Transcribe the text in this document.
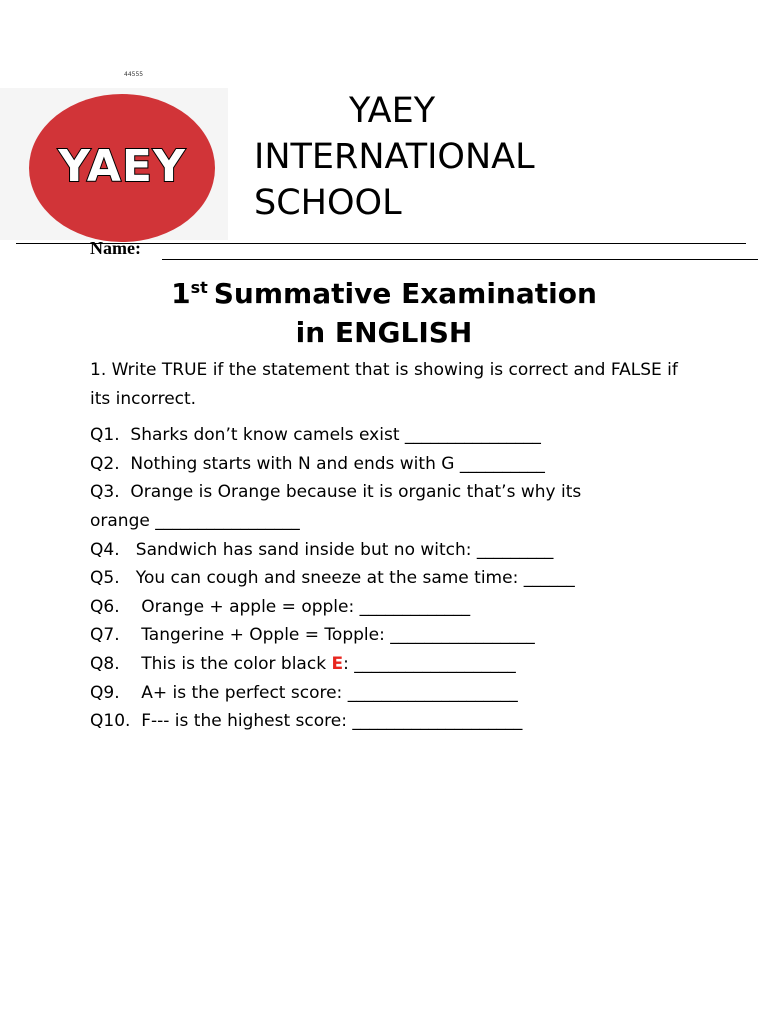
44555
YAEY
YAEY
INTERNATIONAL
SCHOOL
Name:
1st Summative Examination
in ENGLISH
1. Write TRUE if the statement that is showing is correct and FALSE if its incorrect.
Q1.  Sharks don’t know camels exist ________________
Q2.  Nothing starts with N and ends with G __________
Q3.  Orange is Orange because it is organic that’s why its
orange _________________
Q4.   Sandwich has sand inside but no witch: _________
Q5.   You can cough and sneeze at the same time: ______
Q6.    Orange + apple = opple: _____________
Q7.    Tangerine + Opple = Topple: _________________
Q8.    This is the color black E: ___________________
Q9.    A+ is the perfect score: ____________________
Q10.  F--- is the highest score: ____________________
